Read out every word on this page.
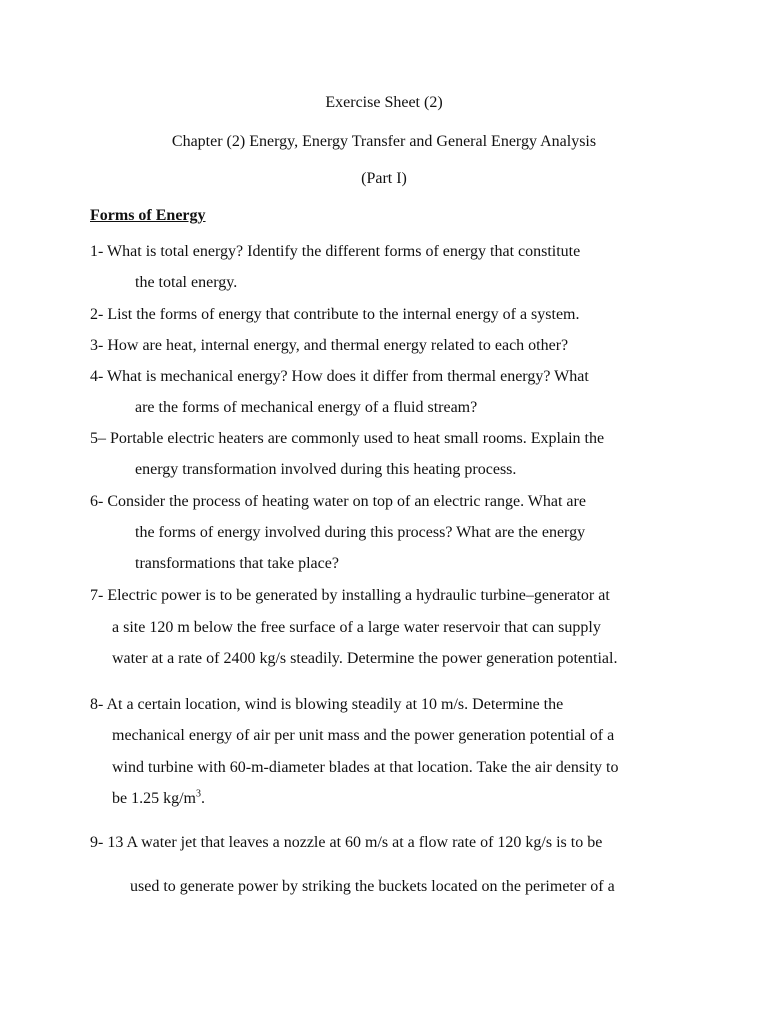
Exercise Sheet (2)
Chapter (2) Energy, Energy Transfer and General Energy Analysis
(Part I)
Forms of Energy
1- What is total energy? Identify the different forms of energy that constitute
the total energy.
2- List the forms of energy that contribute to the internal energy of a system.
3- How are heat, internal energy, and thermal energy related to each other?
4- What is mechanical energy? How does it differ from thermal energy? What
are the forms of mechanical energy of a fluid stream?
5– Portable electric heaters are commonly used to heat small rooms. Explain the
energy transformation involved during this heating process.
6- Consider the process of heating water on top of an electric range. What are
the forms of energy involved during this process? What are the energy
transformations that take place?
7- Electric power is to be generated by installing a hydraulic turbine–generator at
a site 120 m below the free surface of a large water reservoir that can supply
water at a rate of 2400 kg/s steadily. Determine the power generation potential.
8- At a certain location, wind is blowing steadily at 10 m/s. Determine the
mechanical energy of air per unit mass and the power generation potential of a
wind turbine with 60-m-diameter blades at that location. Take the air density to
be 1.25 $kg/m^3$.
9- 13 A water jet that leaves a nozzle at 60 m/s at a flow rate of 120 kg/s is to be
used to generate power by striking the buckets located on the perimeter of a
